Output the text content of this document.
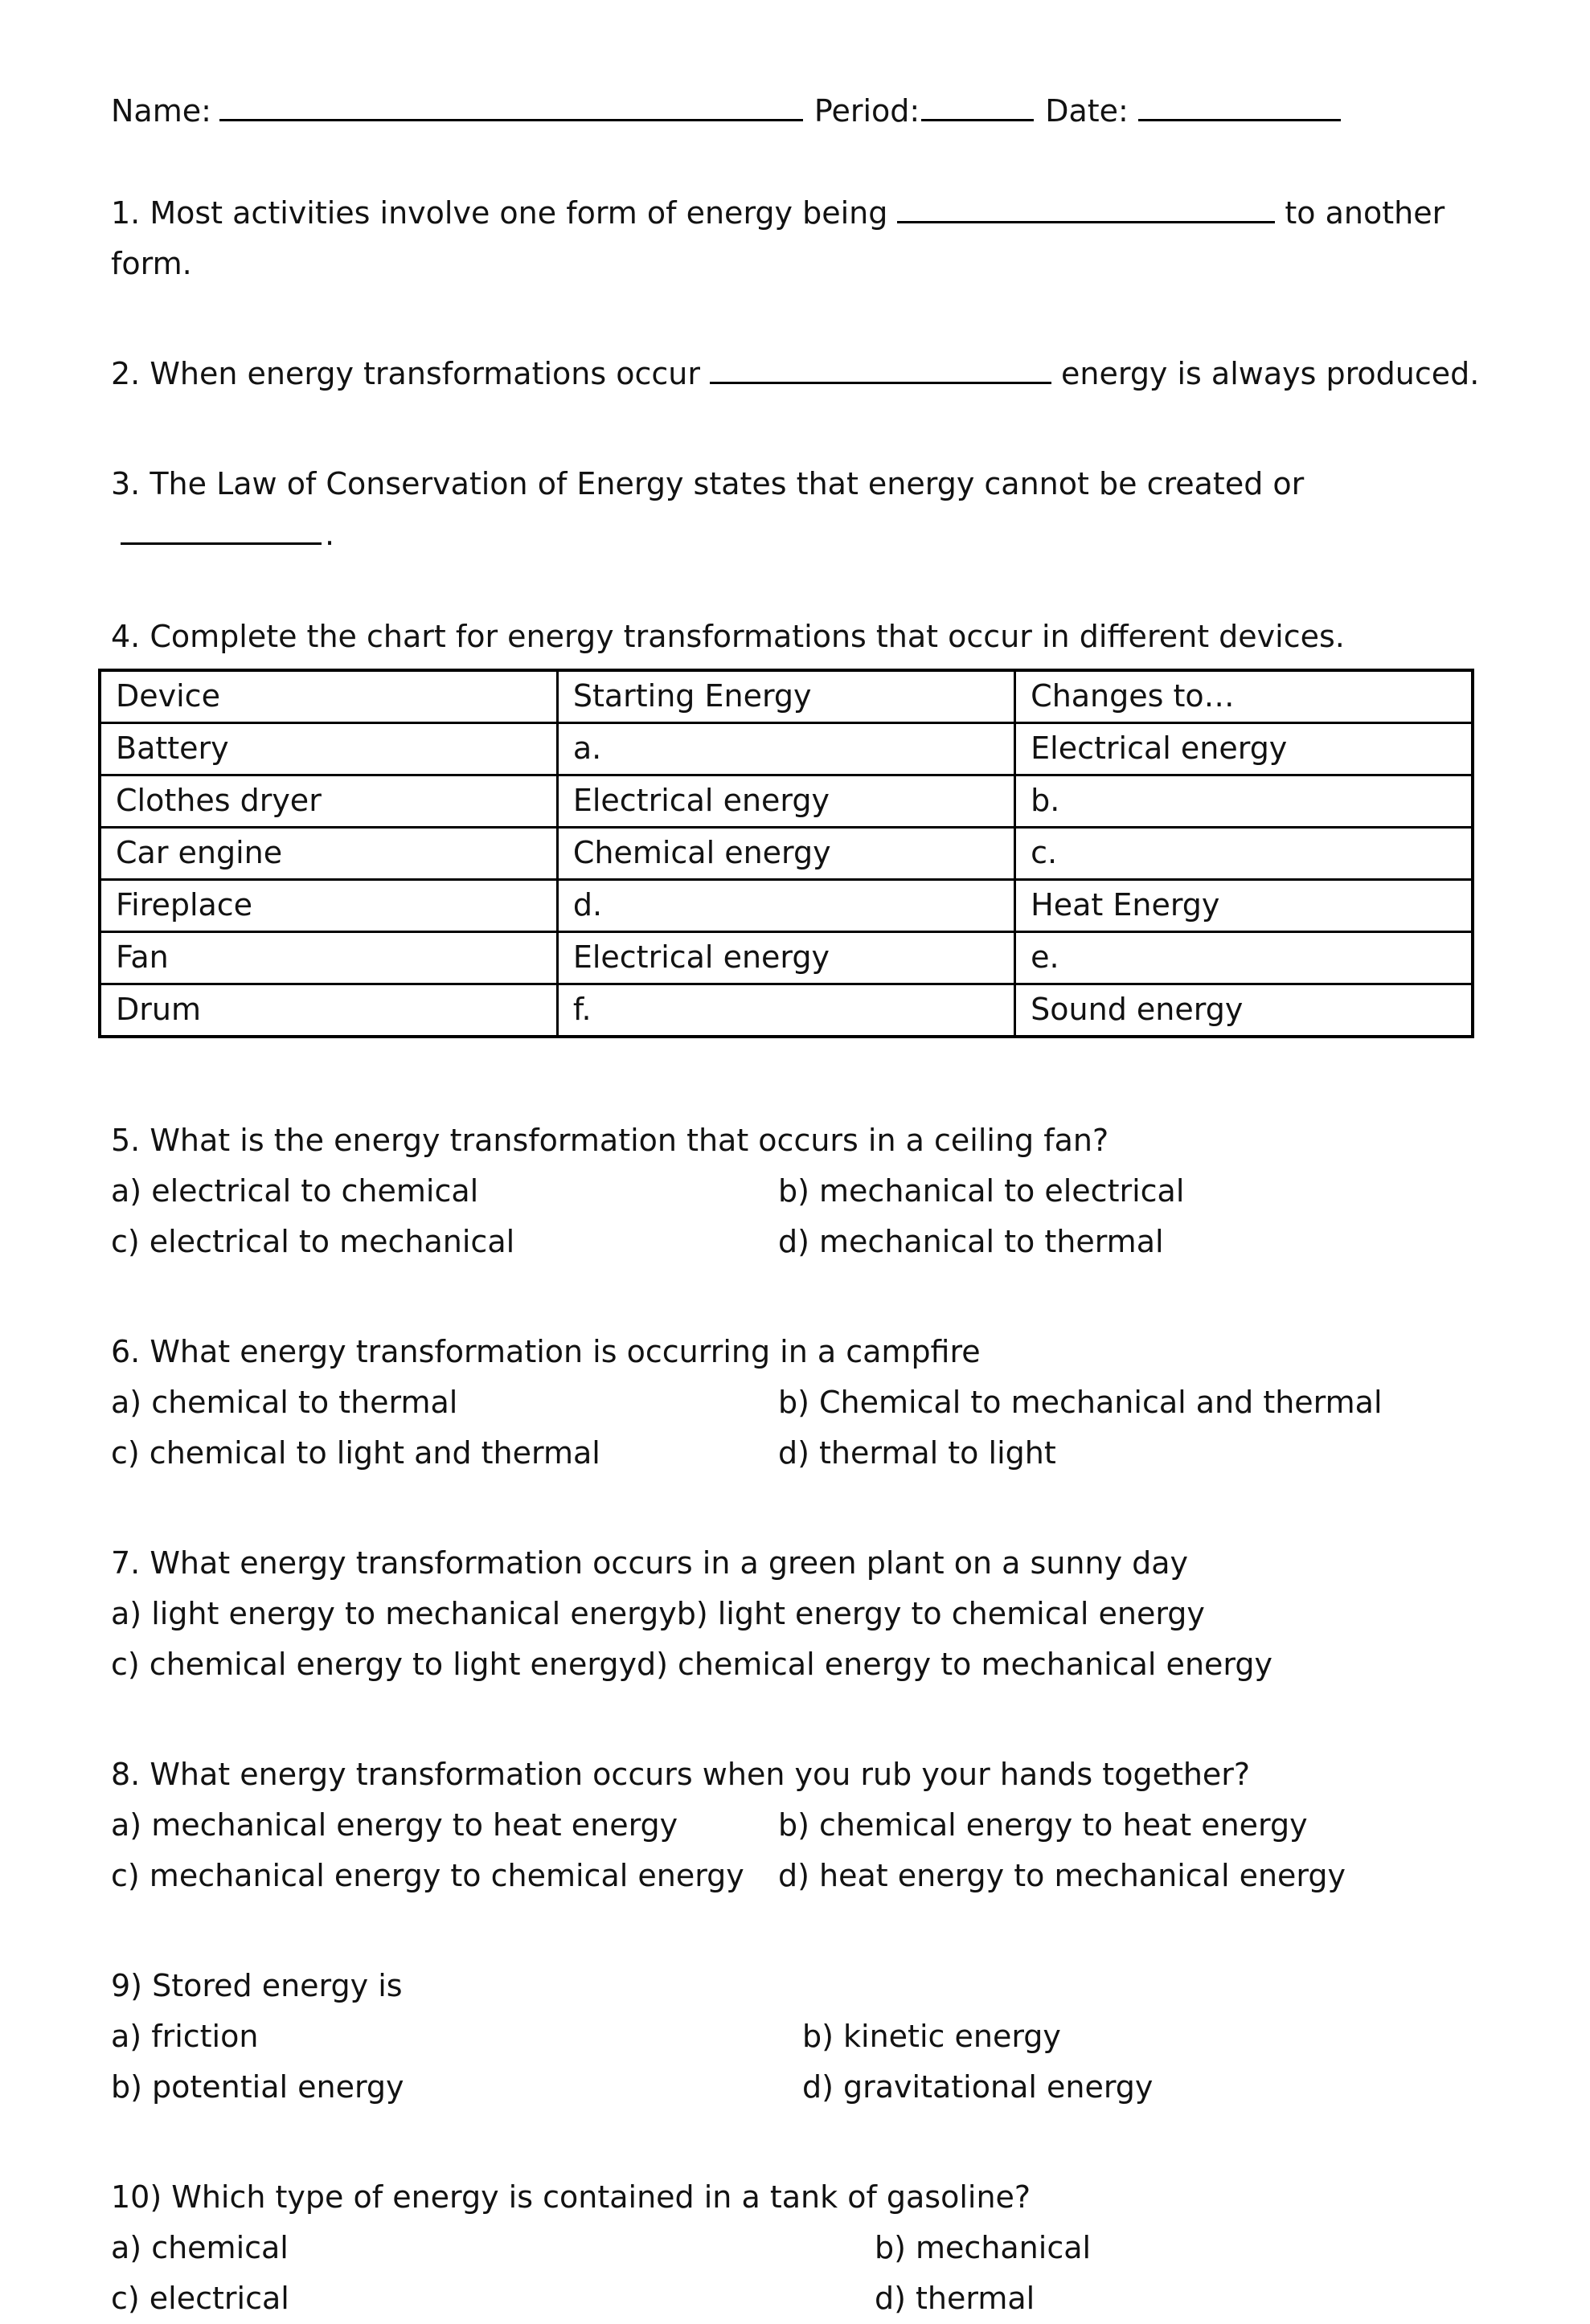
Name:	Period:	Date:

1. Most activities involve one form of energy being	to another

form.

2. When energy transformations occur	energy is always produced.

3. The Law of Conservation of Energy states that energy cannot be created or.

4. Complete the chart for energy transformations that occur in different devices.

Device	Starting Energy	Changes to…
Battery	a.	Electrical energy
Clothes dryer	Electrical energy	b.
Car engine	Chemical energy	c.
Fireplace	d.	Heat Energy
Fan	Electrical energy	e.
Drum	f.	Sound energy

5. What is the energy transformation that occurs in a ceiling fan?

a) electrical to chemical	b) mechanical to electrical
c) electrical to mechanical	d) mechanical to thermal

6. What energy transformation is occurring in a campfire

a) chemical to thermal	b) Chemical to mechanical and thermal
c) chemical to light and thermal	d) thermal to light

7. What energy transformation occurs in a green plant on a sunny day

a) light energy to mechanical energyb) light energy to chemical energy

c) chemical energy to light energyd) chemical energy to mechanical energy

8. What energy transformation occurs when you rub your hands together?

a) mechanical energy to heat energy	b) chemical energy to heat energy
c) mechanical energy to chemical energy	d) heat energy to mechanical energy

9) Stored energy is

a) friction	b) kinetic energy
b) potential energy	d) gravitational energy

10) Which type of energy is contained in a tank of gasoline?

a) chemical	b) mechanical
c) electrical	d) thermal
